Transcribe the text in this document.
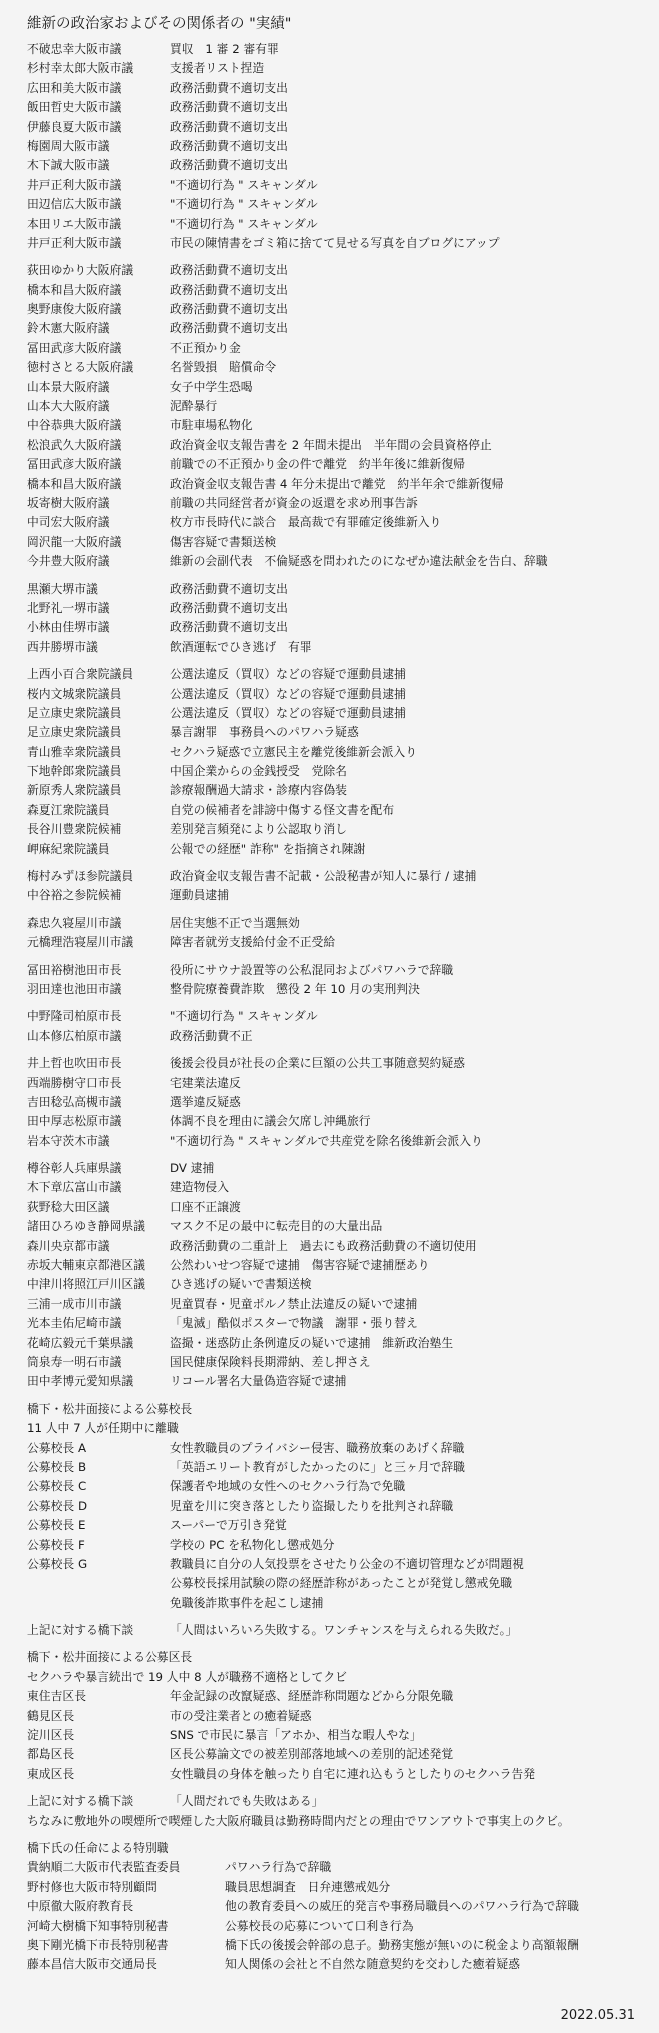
維新の政治家およびその関係者の "実績"
不破忠幸大阪市議	買収　1 審 2 審有罪
杉村幸太郎大阪市議	支援者リスト捏造
広田和美大阪市議	政務活動費不適切支出
飯田哲史大阪市議	政務活動費不適切支出
伊藤良夏大阪市議	政務活動費不適切支出
梅園周大阪市議	政務活動費不適切支出
木下誠大阪市議	政務活動費不適切支出
井戸正利大阪市議	"不適切行為 " スキャンダル
田辺信広大阪市議	"不適切行為 " スキャンダル
本田リエ大阪市議	"不適切行為 " スキャンダル
井戸正利大阪市議	市民の陳情書をゴミ箱に捨てて見せる写真を自ブログにアップ
荻田ゆかり大阪府議	政務活動費不適切支出
橋本和昌大阪府議	政務活動費不適切支出
奥野康俊大阪府議	政務活動費不適切支出
鈴木憲大阪府議	政務活動費不適切支出
冨田武彦大阪府議	不正預かり金
徳村さとる大阪府議	名誉毀損　賠償命令
山本景大阪府議	女子中学生恐喝
山本大大阪府議	泥酔暴行
中谷恭典大阪府議	市駐車場私物化
松浪武久大阪府議	政治資金収支報告書を 2 年間未提出　半年間の会員資格停止
冨田武彦大阪府議	前職での不正預かり金の件で離党　約半年後に維新復帰
橋本和昌大阪府議	政治資金収支報告書 4 年分未提出で離党　約半年余で維新復帰
坂寄樹大阪府議	前職の共同経営者が資金の返還を求め刑事告訴
中司宏大阪府議	枚方市長時代に談合　最高裁で有罪確定後維新入り
岡沢龍一大阪府議	傷害容疑で書類送検
今井豊大阪府議	維新の会副代表　不倫疑惑を問われたのになぜか違法献金を告白、辞職
黒瀬大堺市議	政務活動費不適切支出
北野礼一堺市議	政務活動費不適切支出
小林由佳堺市議	政務活動費不適切支出
西井勝堺市議	飲酒運転でひき逃げ　有罪
上西小百合衆院議員	公選法違反（買収）などの容疑で運動員逮捕
桜内文城衆院議員	公選法違反（買収）などの容疑で運動員逮捕
足立康史衆院議員	公選法違反（買収）などの容疑で運動員逮捕
足立康史衆院議員	暴言謝罪　事務員へのパワハラ疑惑
青山雅幸衆院議員	セクハラ疑惑で立憲民主を離党後維新会派入り
下地幹郎衆院議員	中国企業からの金銭授受　党除名
新原秀人衆院議員	診療報酬過大請求・診療内容偽装
森夏江衆院議員	自党の候補者を誹謗中傷する怪文書を配布
長谷川豊衆院候補	差別発言頻発により公認取り消し
岬麻紀衆院議員	公報での経歴" 詐称" を指摘され陳謝
梅村みずほ参院議員	政治資金収支報告書不記載・公設秘書が知人に暴行 / 逮捕
中谷裕之参院候補	運動員逮捕
森忠久寝屋川市議	居住実態不正で当選無効
元橋理浩寝屋川市議	障害者就労支援給付金不正受給
冨田裕樹池田市長	役所にサウナ設置等の公私混同およびパワハラで辞職
羽田達也池田市議	整骨院療養費詐欺　懲役 2 年 10 月の実刑判決
中野隆司柏原市長	"不適切行為 " スキャンダル
山本修広柏原市議	政務活動費不正
井上哲也吹田市長	後援会役員が社長の企業に巨額の公共工事随意契約疑惑
西端勝樹守口市長	宅建業法違反
吉田稔弘高槻市議	選挙違反疑惑
田中厚志松原市議	体調不良を理由に議会欠席し沖縄旅行
岩本守茨木市議	"不適切行為 " スキャンダルで共産党を除名後維新会派入り
樽谷彰人兵庫県議	DV 逮捕
木下章広富山市議	建造物侵入
荻野稔大田区議	口座不正譲渡
諸田ひろゆき静岡県議	マスク不足の最中に転売目的の大量出品
森川央京都市議	政務活動費の二重計上　過去にも政務活動費の不適切使用
赤坂大輔東京都港区議	公然わいせつ容疑で逮捕　傷害容疑で逮捕歴あり
中津川将照江戸川区議	ひき逃げの疑いで書類送検
三浦一成市川市議	児童買春・児童ポルノ禁止法違反の疑いで逮捕
光本圭佑尼崎市議	「鬼滅」酷似ポスターで物議　謝罪・張り替え
花崎広毅元千葉県議	盗撮・迷惑防止条例違反の疑いで逮捕　維新政治塾生
筒泉寿一明石市議	国民健康保険料長期滞納、差し押さえ
田中孝博元愛知県議	リコール署名大量偽造容疑で逮捕
橋下・松井面接による公募校長
11 人中 7 人が任期中に離職
公募校長 A	女性教職員のプライバシー侵害、職務放棄のあげく辞職
公募校長 B	「英語エリート教育がしたかったのに」と三ヶ月で辞職
公募校長 C	保護者や地域の女性へのセクハラ行為で免職
公募校長 D	児童を川に突き落としたり盗撮したりを批判され辞職
公募校長 E	スーパーで万引き発覚
公募校長 F	学校の PC を私物化し懲戒処分
公募校長 G	教職員に自分の人気投票をさせたり公金の不適切管理などが問題視
公募校長採用試験の際の経歴詐称があったことが発覚し懲戒免職
免職後詐欺事件を起こし逮捕
上記に対する橋下談	「人間はいろいろ失敗する。ワンチャンスを与えられる失敗だ。」
橋下・松井面接による公募区長
セクハラや暴言続出で 19 人中 8 人が職務不適格としてクビ
東住吉区長	年金記録の改竄疑惑、経歴詐称問題などから分限免職
鶴見区長	市の受注業者との癒着疑惑
淀川区長	SNS で市民に暴言「アホか、相当な暇人やな」
都島区長	区長公募論文での被差別部落地域への差別的記述発覚
東成区長	女性職員の身体を触ったり自宅に連れ込もうとしたりのセクハラ告発
上記に対する橋下談	「人間だれでも失敗はある」
ちなみに敷地外の喫煙所で喫煙した大阪府職員は勤務時間内だとの理由でワンアウトで事実上のクビ。
橋下氏の任命による特別職
貴納順二大阪市代表監査委員	パワハラ行為で辞職
野村修也大阪市特別顧問	職員思想調査　日弁連懲戒処分
中原徹大阪府教育長	他の教育委員への威圧的発言や事務局職員へのパワハラ行為で辞職
河崎大樹橋下知事特別秘書	公募校長の応募について口利き行為
奥下剛光橋下市長特別秘書	橋下氏の後援会幹部の息子。勤務実態が無いのに税金より高額報酬
藤本昌信大阪市交通局長	知人関係の会社と不自然な随意契約を交わした癒着疑惑
2022.05.31
